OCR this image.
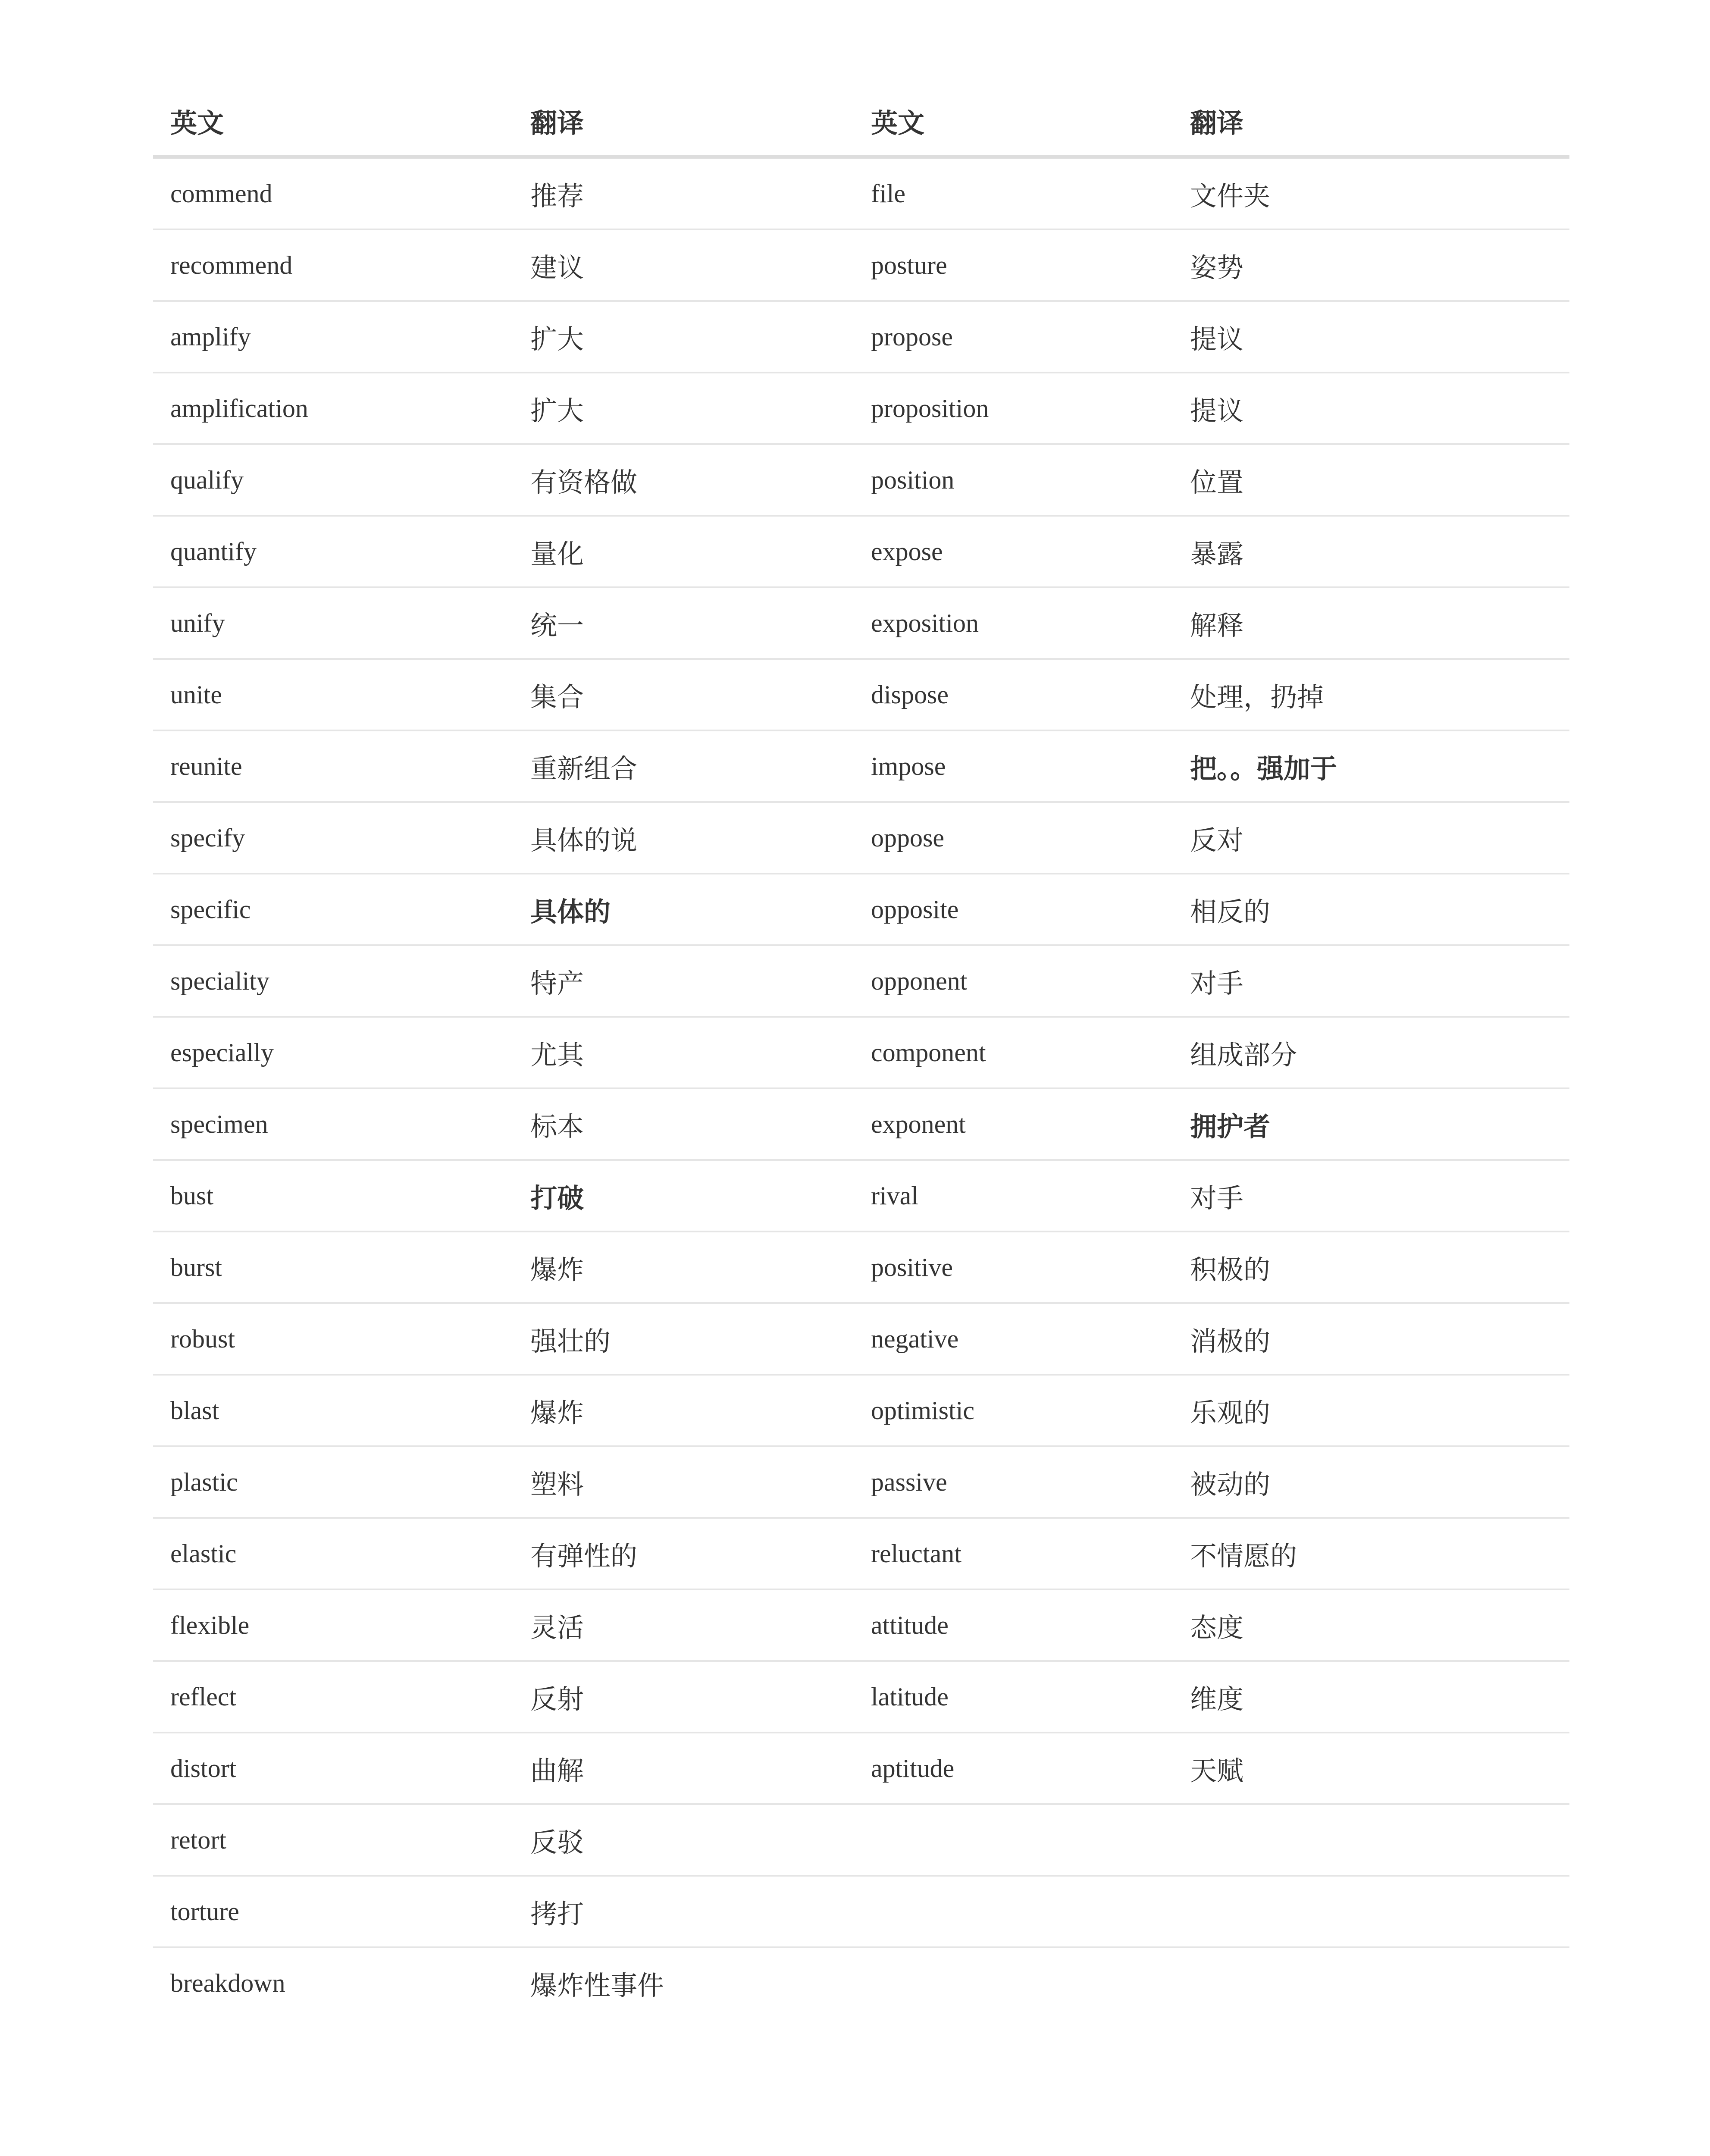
英文	翻译	英文	翻译
commend	推荐	file	文件夹
recommend	建议	posture	姿势
amplify	扩大	propose	提议
amplification	扩大	proposition	提议
qualify	有资格做	position	位置
quantify	量化	expose	暴露
unify	统一	exposition	解释
unite	集合	dispose	处理，扔掉
reunite	重新组合	impose	把。。强加于
specify	具体的说	oppose	反对
specific	具体的	opposite	相反的
speciality	特产	opponent	对手
especially	尤其	component	组成部分
specimen	标本	exponent	拥护者
bust	打破	rival	对手
burst	爆炸	positive	积极的
robust	强壮的	negative	消极的
blast	爆炸	optimistic	乐观的
plastic	塑料	passive	被动的
elastic	有弹性的	reluctant	不情愿的
flexible	灵活	attitude	态度
reflect	反射	latitude	维度
distort	曲解	aptitude	天赋
retort	反驳		
torture	拷打		
breakdown	爆炸性事件		
